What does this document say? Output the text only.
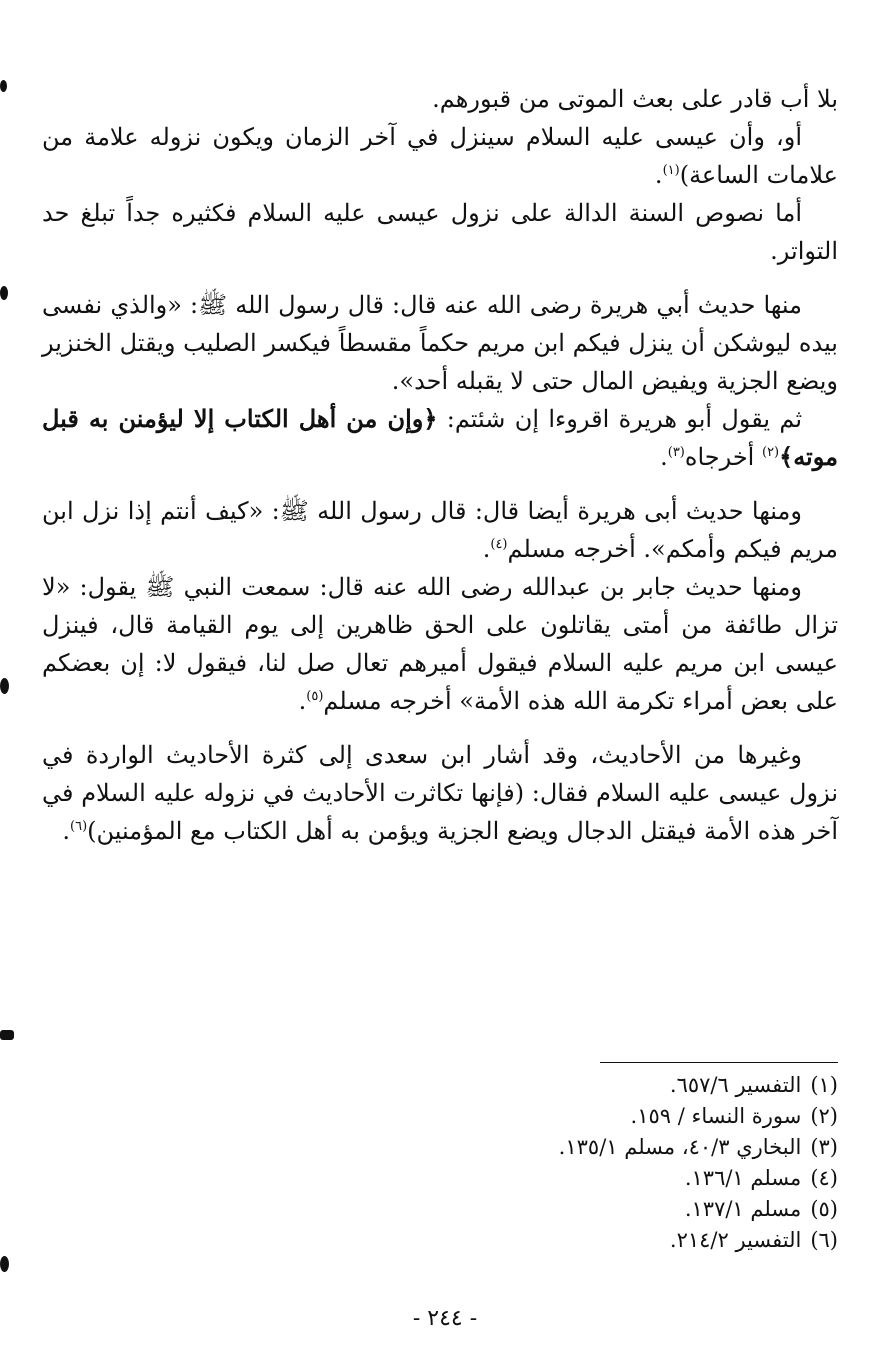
بلا أب قادر على بعث الموتى من قبورهم.

أو، وأن عيسى عليه السلام سينزل في آخر الزمان ويكون نزوله علامة من علامات الساعة)$^{(١)}$.

أما نصوص السنة الدالة على نزول عيسى عليه السلام فكثيره جداً تبلغ حد التواتر.

منها حديث أبي هريرة رضى الله عنه قال: قال رسول الله ﷺ: «والذي نفسى بيده ليوشكن أن ينزل فيكم ابن مريم حكماً مقسطاً فيكسر الصليب ويقتل الخنزير ويضع الجزية ويفيض المال حتى لا يقبله أحد».

ثم يقول أبو هريرة اقروءا إن شئتم: ﴿وإن من أهل الكتاب إلا ليؤمنن به قبل موته﴾$^{(٢)}$ أخرجاه$^{(٣)}$.

ومنها حديث أبى هريرة أيضا قال: قال رسول الله ﷺ: «كيف أنتم إذا نزل ابن مريم فيكم وأمكم». أخرجه مسلم$^{(٤)}$.

ومنها حديث جابر بن عبدالله رضى الله عنه قال: سمعت النبي ﷺ يقول: «لا تزال طائفة من أمتى يقاتلون على الحق ظاهرين إلى يوم القيامة قال، فينزل عيسى ابن مريم عليه السلام فيقول أميرهم تعال صل لنا، فيقول لا: إن بعضكم على بعض أمراء تكرمة الله هذه الأمة» أخرجه مسلم$^{(٥)}$.

وغيرها من الأحاديث، وقد أشار ابن سعدى إلى كثرة الأحاديث الواردة في نزول عيسى عليه السلام فقال: (فإنها تكاثرت الأحاديث في نزوله عليه السلام في آخر هذه الأمة فيقتل الدجال ويضع الجزية ويؤمن به أهل الكتاب مع المؤمنين)$^{(٦)}$.

(١) التفسير ٦٥٧/٦.
(٢) سورة النساء / ١٥٩.
(٣) البخاري ٤٠/٣، مسلم ١٣٥/١.
(٤) مسلم ١٣٦/١.
(٥) مسلم ١٣٧/١.
(٦) التفسير ٢١٤/٢.
- ٢٤٤ -
